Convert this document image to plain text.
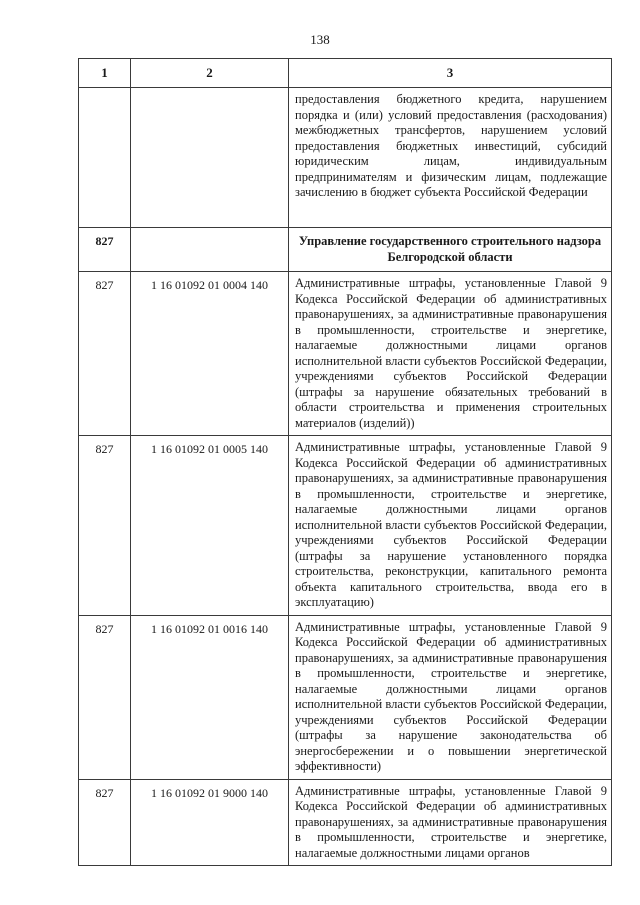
138
1	2	3
		предоставления бюджетного кредита, нарушением порядка и (или) условий предоставления (расходования) межбюджетных трансфертов, нарушением условий предоставления бюджетных инвестиций, субсидий юридическим лицам, индивидуальным предпринимателям и физическим лицам, подлежащие зачислению в бюджет субъекта Российской Федерации
827		Управление государственного строительного надзора Белгородской области
827	1 16 01092 01 0004 140	Административные штрафы, установленные Главой 9 Кодекса Российской Федерации об административных правонарушениях, за административные правонарушения в промышленности, строительстве и энергетике, налагаемые должностными лицами органов исполнительной власти субъектов Российской Федерации, учреждениями субъектов Российской Федерации (штрафы за нарушение обязательных требований в области строительства и применения строительных материалов (изделий))
827	1 16 01092 01 0005 140	Административные штрафы, установленные Главой 9 Кодекса Российской Федерации об административных правонарушениях, за административные правонарушения в промышленности, строительстве и энергетике, налагаемые должностными лицами органов исполнительной власти субъектов Российской Федерации, учреждениями субъектов Российской Федерации (штрафы за нарушение установленного порядка строительства, реконструкции, капитального ремонта объекта капитального строительства, ввода его в эксплуатацию)
827	1 16 01092 01 0016 140	Административные штрафы, установленные Главой 9 Кодекса Российской Федерации об административных правонарушениях, за административные правонарушения в промышленности, строительстве и энергетике, налагаемые должностными лицами органов исполнительной власти субъектов Российской Федерации, учреждениями субъектов Российской Федерации (штрафы за нарушение законодательства об энергосбережении и о повышении энергетической эффективности)
827	1 16 01092 01 9000 140	Административные штрафы, установленные Главой 9 Кодекса Российской Федерации об административных правонарушениях, за административные правонарушения в промышленности, строительстве и энергетике, налагаемые должностными лицами органов
